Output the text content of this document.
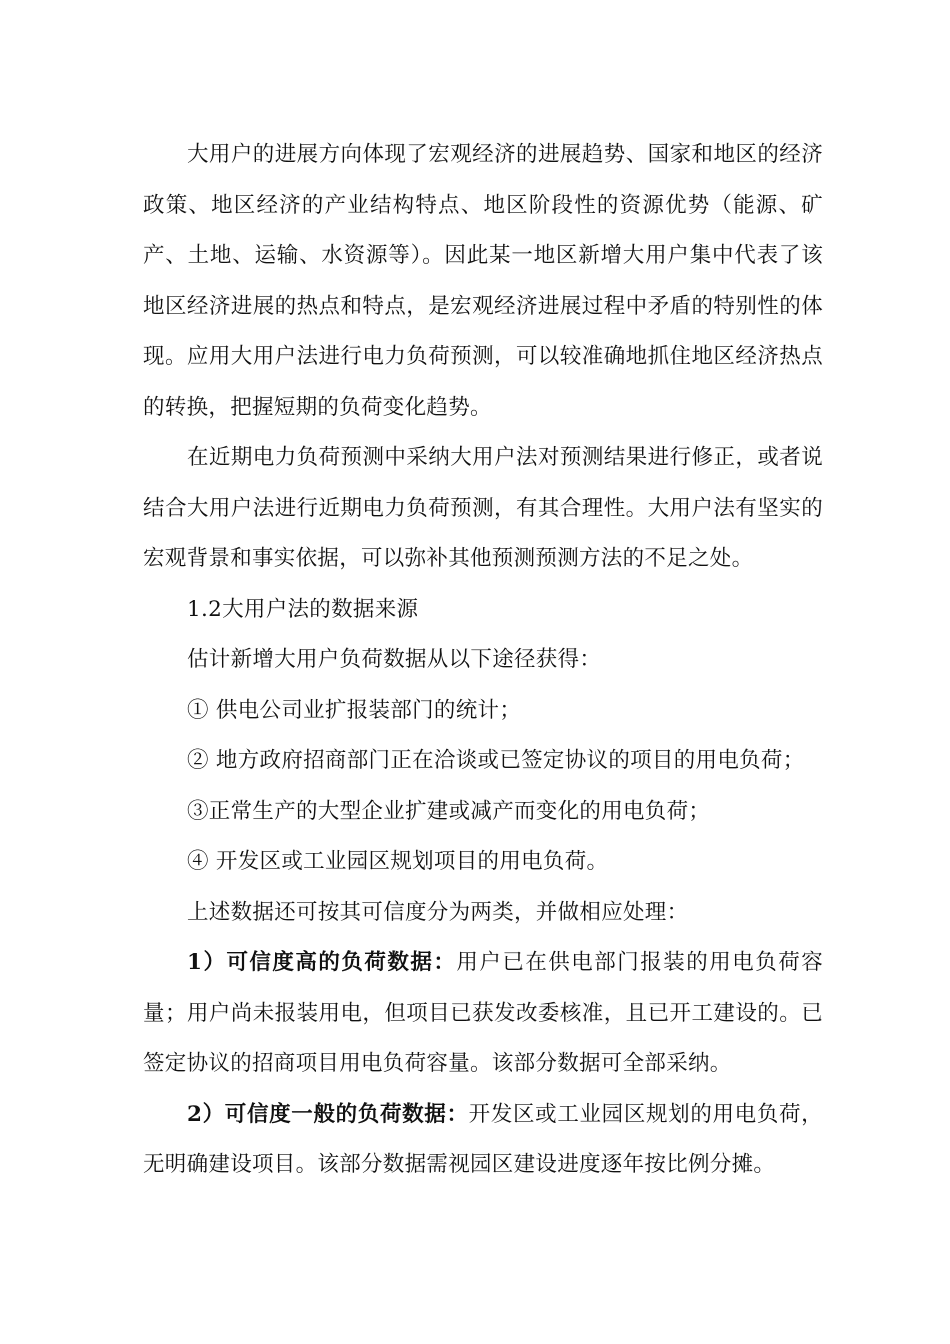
大用户的进展方向体现了宏观经济的进展趋势、国家和地区的经济政策、地区经济的产业结构特点、地区阶段性的资源优势（能源、矿产、土地、运输、水资源等）。因此某一地区新增大用户集中代表了该地区经济进展的热点和特点，是宏观经济进展过程中矛盾的特别性的体现。应用大用户法进行电力负荷预测，可以较准确地抓住地区经济热点的转换，把握短期的负荷变化趋势。

在近期电力负荷预测中采纳大用户法对预测结果进行修正，或者说结合大用户法进行近期电力负荷预测，有其合理性。大用户法有坚实的宏观背景和事实依据，可以弥补其他预测预测方法的不足之处。

1.2大用户法的数据来源

估计新增大用户负荷数据从以下途径获得：

① 供电公司业扩报装部门的统计；

② 地方政府招商部门正在洽谈或已签定协议的项目的用电负荷；

③正常生产的大型企业扩建或减产而变化的用电负荷；

④ 开发区或工业园区规划项目的用电负荷。

上述数据还可按其可信度分为两类，并做相应处理：

1）可信度高的负荷数据：用户已在供电部门报装的用电负荷容量；用户尚未报装用电，但项目已获发改委核准，且已开工建设的。已签定协议的招商项目用电负荷容量。该部分数据可全部采纳。

2）可信度一般的负荷数据：开发区或工业园区规划的用电负荷，无明确建设项目。该部分数据需视园区建设进度逐年按比例分摊。
